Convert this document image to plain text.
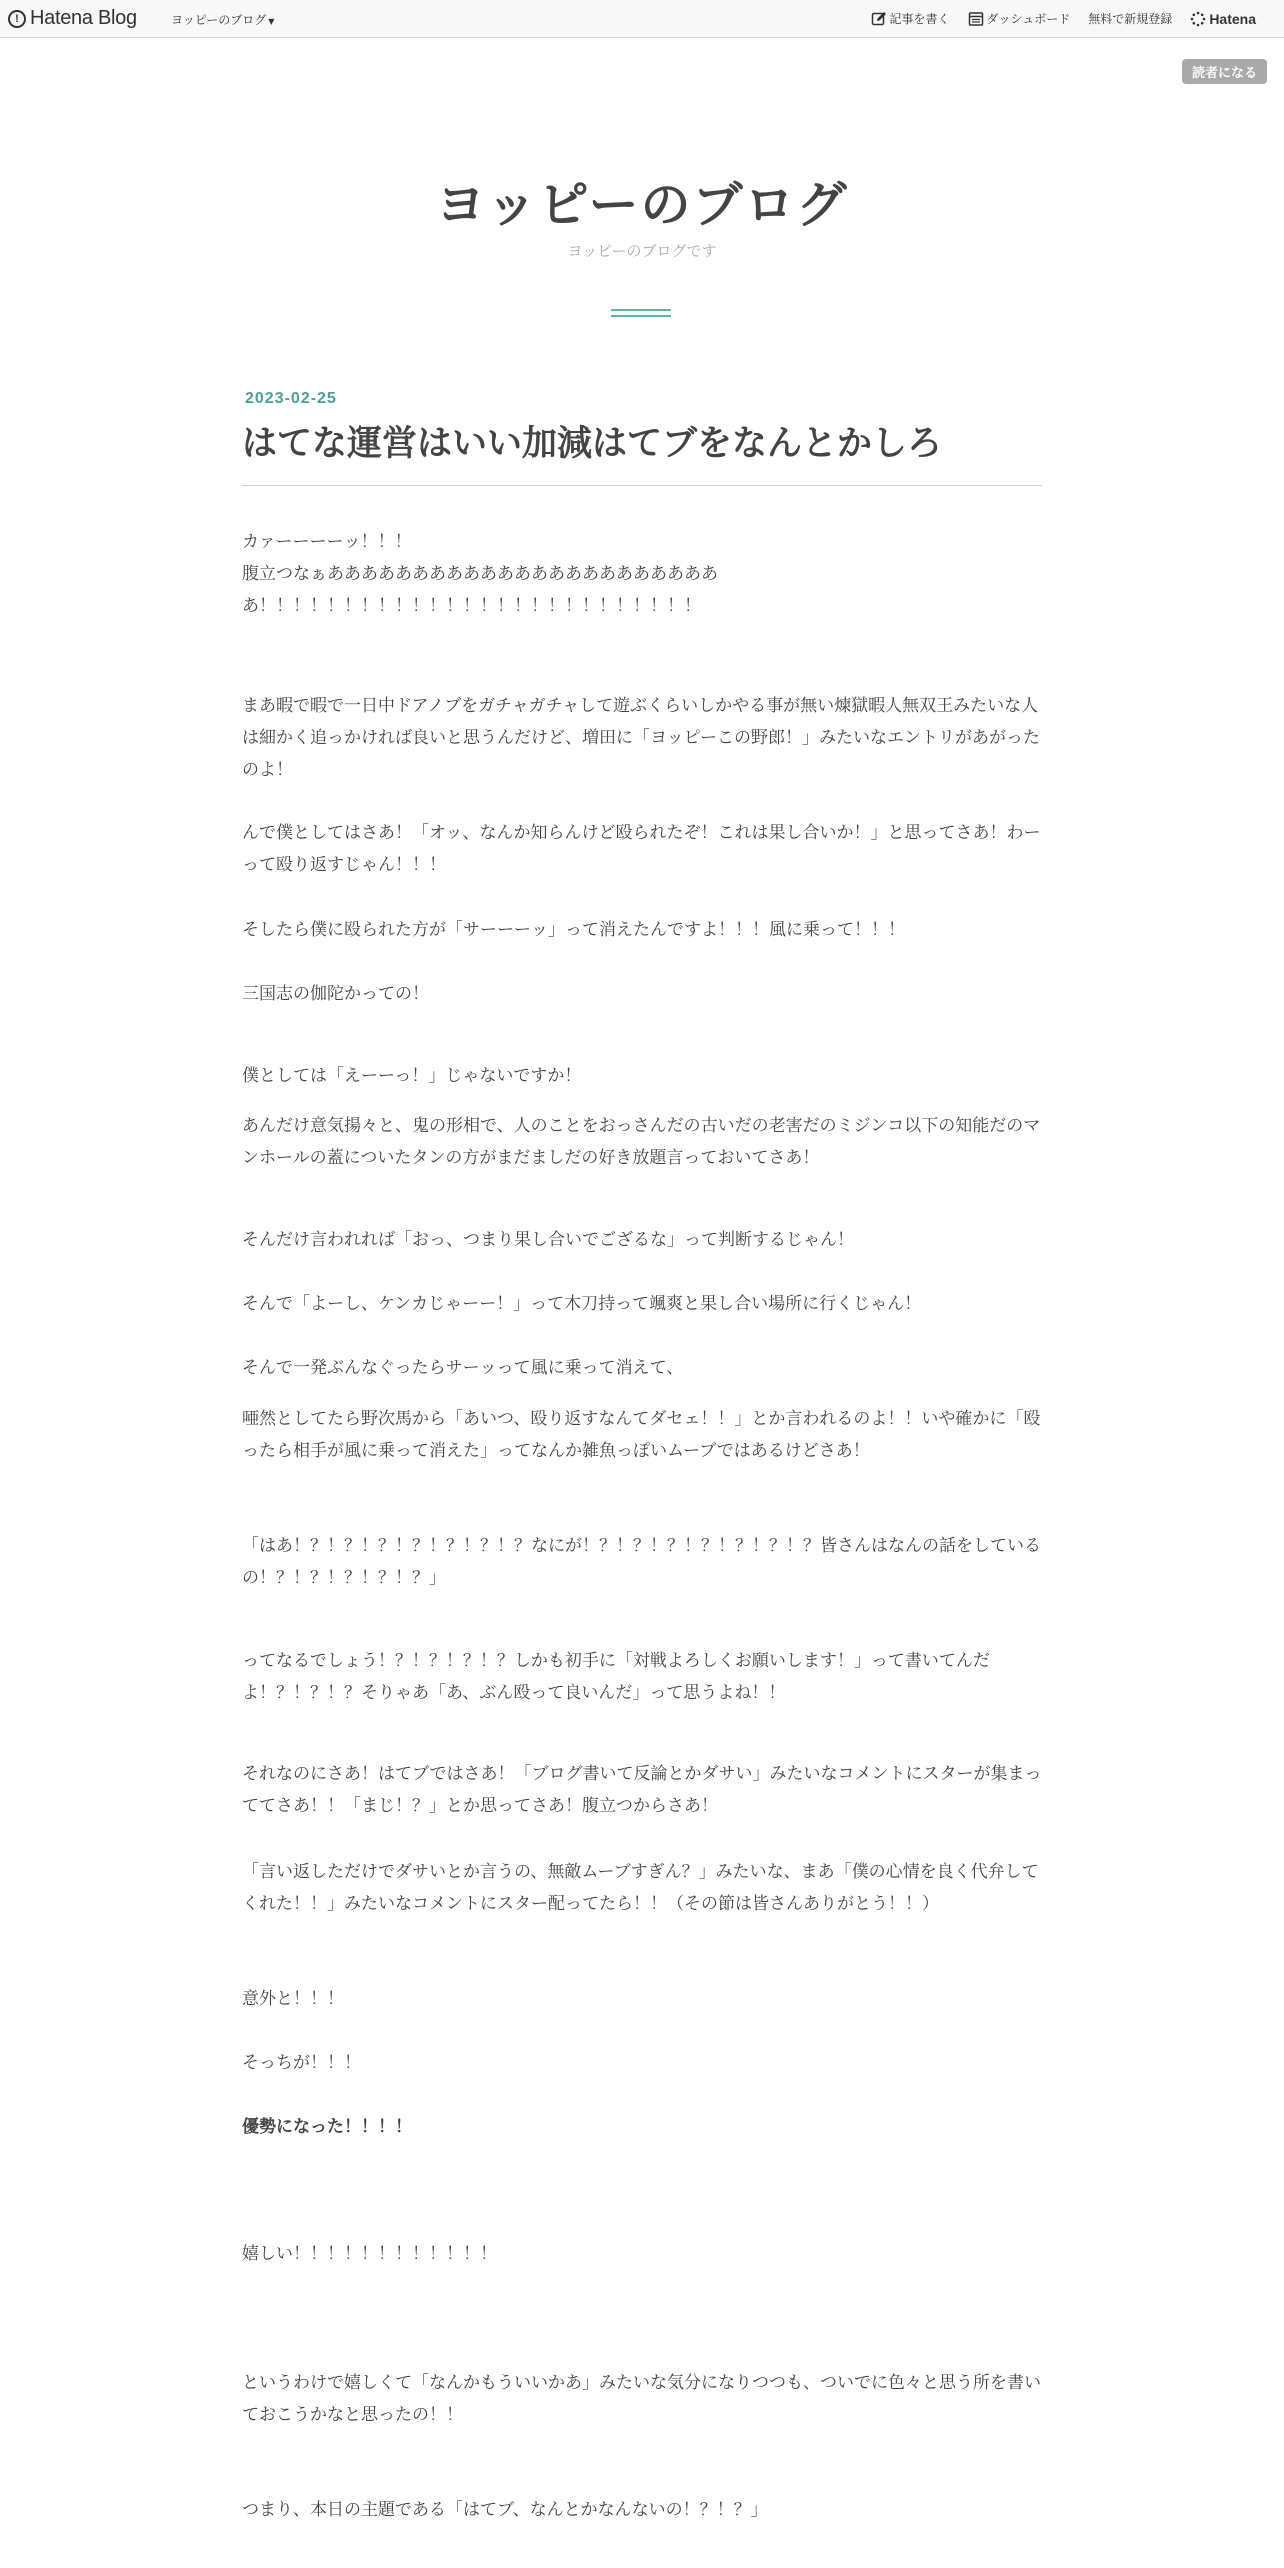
! Hatena Blog	ヨッピーのブログ ▼	記事を書く	ダッシュボード 無料で新規登録	Hatena
読者になる
ヨッピーのブログ
ヨッピーのブログです
2023-02-25
はてな運営はいい加減はてブをなんとかしろ
カァーーーーッ！！！
腹立つなぁあああああああああああああああああああああああ
あ！！！！！！！！！！！！！！！！！！！！！！！！！！
まあ暇で暇で一日中ドアノブをガチャガチャして遊ぶくらいしかやる事が無い煉獄暇人無双王みたいな人は細かく追っかければ良いと思うんだけど、増田に「ヨッピーこの野郎！」みたいなエントリがあがったのよ！
んで僕としてはさあ！「オッ、なんか知らんけど殴られたぞ！これは果し合いか！」と思ってさあ！わーって殴り返すじゃん！！！
そしたら僕に殴られた方が「サーーーッ」って消えたんですよ！！！風に乗って！！！
三国志の伽陀かっての！
僕としては「えーーっ！」じゃないですか！
あんだけ意気揚々と、鬼の形相で、人のことをおっさんだの古いだの老害だのミジンコ以下の知能だのマンホールの蓋についたタンの方がまだましだの好き放題言っておいてさあ！
そんだけ言われれば「おっ、つまり果し合いでござるな」って判断するじゃん！
そんで「よーし、ケンカじゃーー！」って木刀持って颯爽と果し合い場所に行くじゃん！
そんで一発ぶんなぐったらサーッって風に乗って消えて、
唖然としてたら野次馬から「あいつ、殴り返すなんてダセェ！！」とか言われるのよ！！いや確かに「殴ったら相手が風に乗って消えた」ってなんか雑魚っぽいムーブではあるけどさあ！
「はあ！？！？！？！？！？！？！？なにが！？！？！？！？！？！？！？皆さんはなんの話をしているの！？！？！？！？！？」
ってなるでしょう！？！？！？！？しかも初手に「対戦よろしくお願いします！」って書いてんだよ！？！？！？そりゃあ「あ、ぶん殴って良いんだ」って思うよね！！
それなのにさあ！はてブではさあ！「ブログ書いて反論とかダサい」みたいなコメントにスターが集まっててさあ！！「まじ！？」とか思ってさあ！腹立つからさあ！
「言い返しただけでダサいとか言うの、無敵ムーブすぎん？」みたいな、まあ「僕の心情を良く代弁してくれた！！」みたいなコメントにスター配ってたら！！（その節は皆さんありがとう！！）
意外と！！！
そっちが！！！
優勢になった！！！！
嬉しい！！！！！！！！！！！！
というわけで嬉しくて「なんかもういいかあ」みたいな気分になりつつも、ついでに色々と思う所を書いておこうかなと思ったの！！
つまり、本日の主題である「はてブ、なんとかなんないの！？！？」
